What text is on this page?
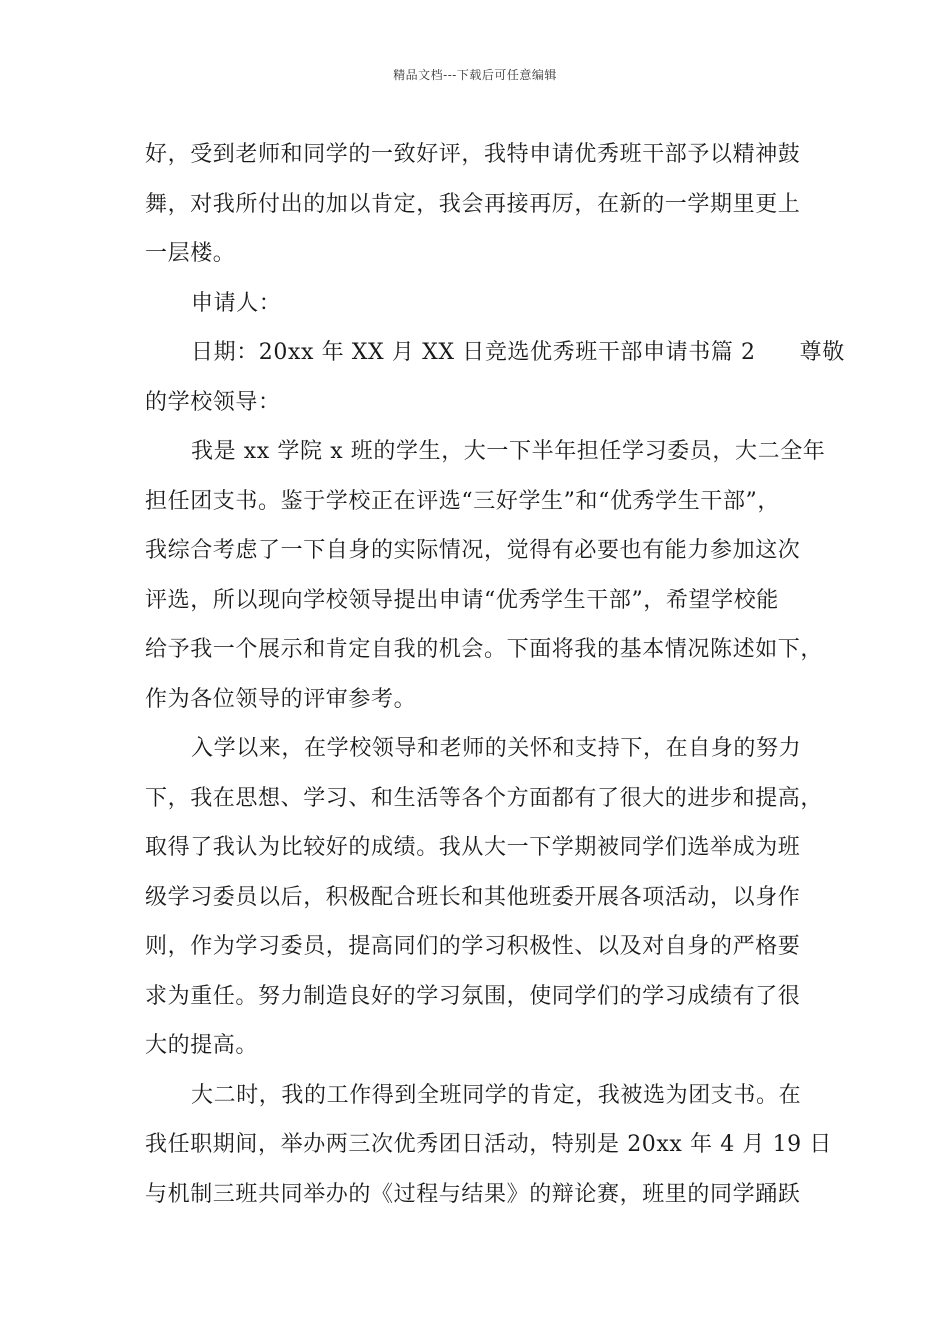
精品文档---下载后可任意编辑
好，受到老师和同学的一致好评，我特申请优秀班干部予以精神鼓
舞，对我所付出的加以肯定，我会再接再厉，在新的一学期里更上
一层楼。
申请人：
日期：20xx 年 XX 月 XX 日竞选优秀班干部申请书篇 2 尊敬
的学校领导：
我是 xx 学院 x 班的学生，大一下半年担任学习委员，大二全年
担任团支书。鉴于学校正在评选“三好学生”和“优秀学生干部”，
我综合考虑了一下自身的实际情况，觉得有必要也有能力参加这次
评选，所以现向学校领导提出申请“优秀学生干部”，希望学校能
给予我一个展示和肯定自我的机会。下面将我的基本情况陈述如下，
作为各位领导的评审参考。
入学以来，在学校领导和老师的关怀和支持下，在自身的努力
下，我在思想、学习、和生活等各个方面都有了很大的进步和提高，
取得了我认为比较好的成绩。我从大一下学期被同学们选举成为班
级学习委员以后，积极配合班长和其他班委开展各项活动，以身作
则，作为学习委员，提高同们的学习积极性、以及对自身的严格要
求为重任。努力制造良好的学习氛围，使同学们的学习成绩有了很
大的提高。
大二时，我的工作得到全班同学的肯定，我被选为团支书。在
我任职期间，举办两三次优秀团日活动，特别是 20xx 年 4 月 19 日
与机制三班共同举办的《过程与结果》的辩论赛，班里的同学踊跃
